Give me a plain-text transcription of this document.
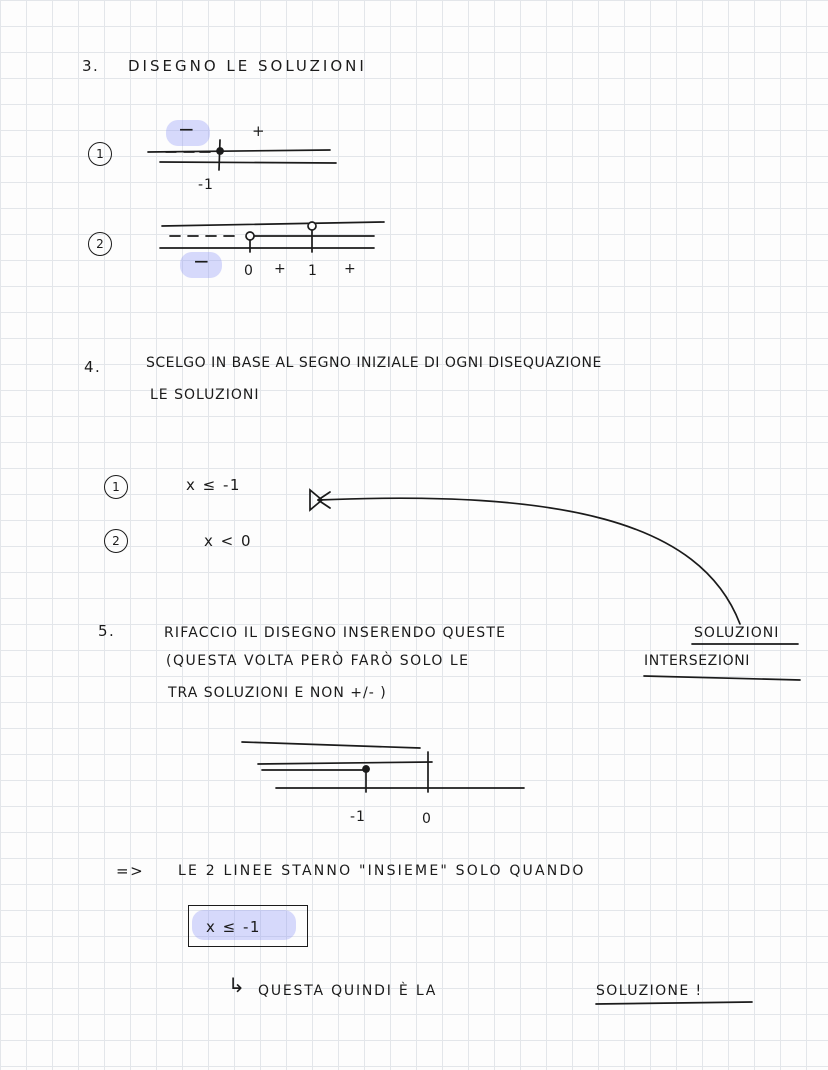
3. DISEGNO LE SOLUZIONI
1
−	+
-1
2
− 0 + 1 +
4.	SCELGO IN BASE AL SEGNO INIZIALE DI OGNI DISEQUAZIONE
LE SOLUZIONI
1	x ≤ -1
2	x < 0
5.	RIFACCIO IL DISEGNO INSERENDO QUESTE	SOLUZIONI
(QUESTA VOLTA PERÒ FARÒ SOLO LE	INTERSEZIONI
TRA SOLUZIONI E NON +/- )
-1	0
=> LE 2 LINEE STANNO "INSIEME" SOLO QUANDO
x ≤ -1
↳ QUESTA QUINDI È LA	SOLUZIONE !
